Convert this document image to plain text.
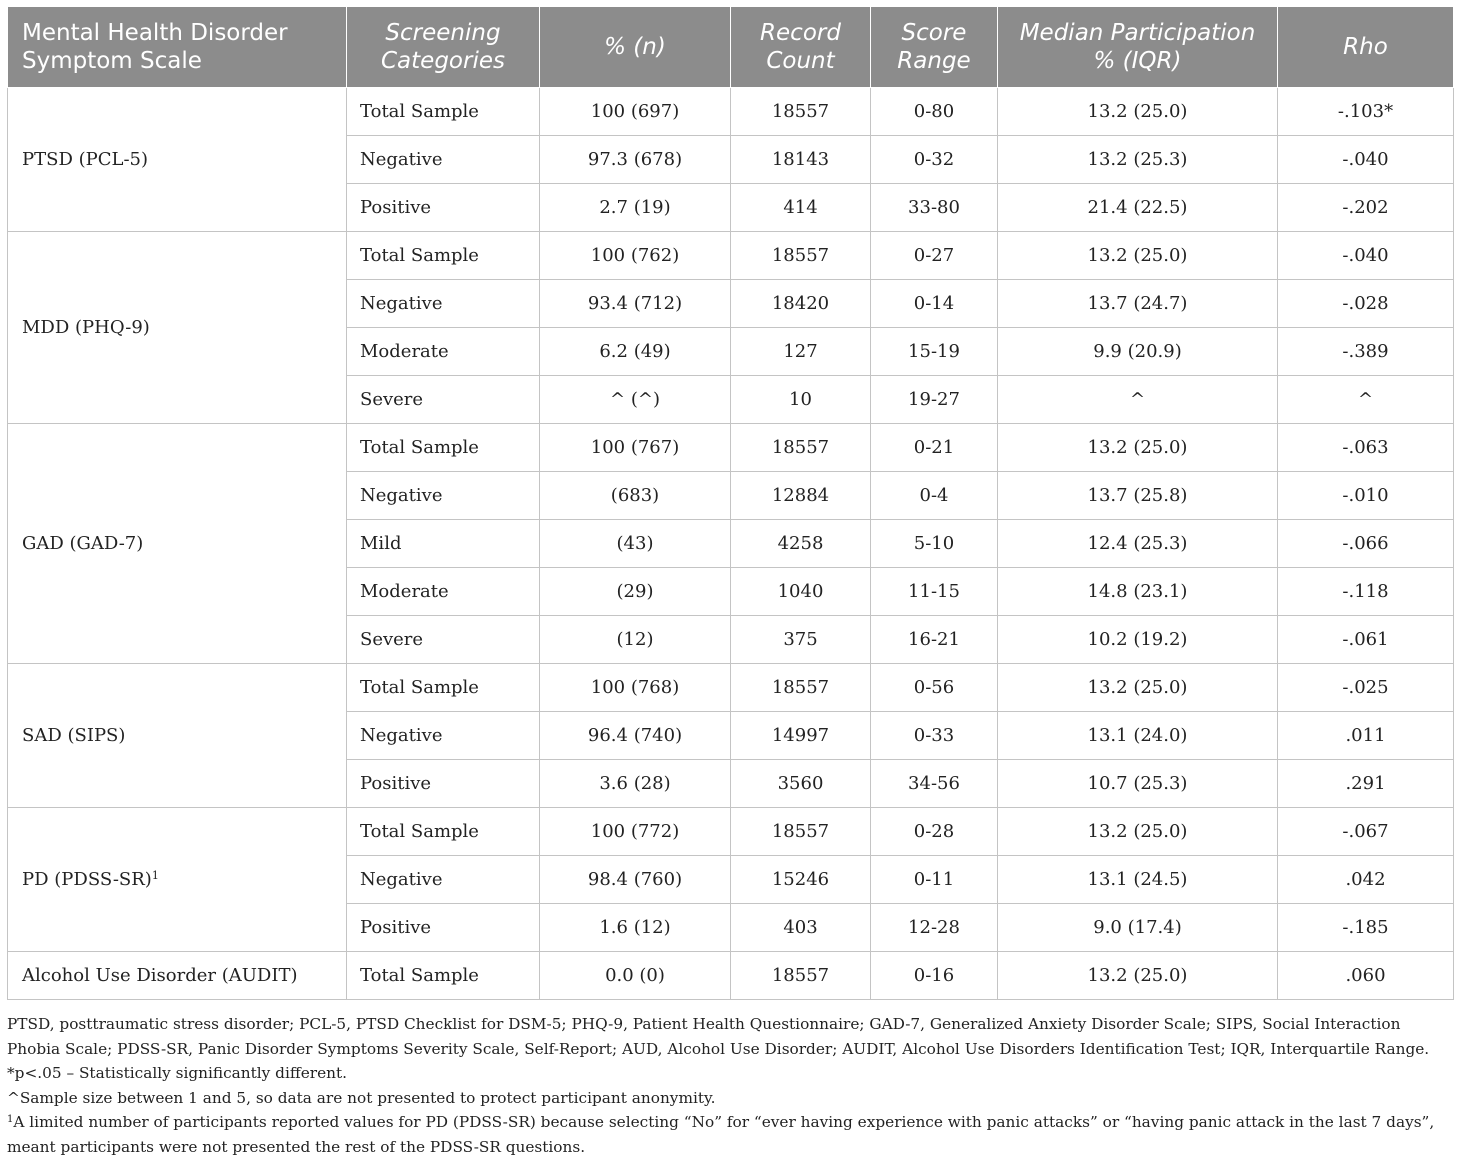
Mental Health Disorder Symptom Scale	Screening Categories	% (n)	Record Count	Score Range	Median Participation % (IQR)	Rho
PTSD (PCL-5)	Total Sample	100 (697)	18557	0-80	13.2 (25.0)	-.103*
	Negative	97.3 (678)	18143	0-32	13.2 (25.3)	-.040
	Positive	2.7 (19)	414	33-80	21.4 (22.5)	-.202
MDD (PHQ-9)	Total Sample	100 (762)	18557	0-27	13.2 (25.0)	-.040
	Negative	93.4 (712)	18420	0-14	13.7 (24.7)	-.028
	Moderate	6.2 (49)	127	15-19	9.9 (20.9)	-.389
	Severe	^ (^)	10	19-27	^	^
GAD (GAD-7)	Total Sample	100 (767)	18557	0-21	13.2 (25.0)	-.063
	Negative	(683)	12884	0-4	13.7 (25.8)	-.010
	Mild	(43)	4258	5-10	12.4 (25.3)	-.066
	Moderate	(29)	1040	11-15	14.8 (23.1)	-.118
	Severe	(12)	375	16-21	10.2 (19.2)	-.061
SAD (SIPS)	Total Sample	100 (768)	18557	0-56	13.2 (25.0)	-.025
	Negative	96.4 (740)	14997	0-33	13.1 (24.0)	.011
	Positive	3.6 (28)	3560	34-56	10.7 (25.3)	.291
PD (PDSS-SR)$^1$	Total Sample	100 (772)	18557	0-28	13.2 (25.0)	-.067
	Negative	98.4 (760)	15246	0-11	13.1 (24.5)	.042
	Positive	1.6 (12)	403	12-28	9.0 (17.4)	-.185
Alcohol Use Disorder (AUDIT)	Total Sample	0.0 (0)	18557	0-16	13.2 (25.0)	.060

PTSD, posttraumatic stress disorder; PCL-5, PTSD Checklist for DSM-5; PHQ-9, Patient Health Questionnaire; GAD-7, Generalized Anxiety Disorder Scale; SIPS, Social Interaction Phobia Scale; PDSS-SR, Panic Disorder Symptoms Severity Scale, Self-Report; AUD, Alcohol Use Disorder; AUDIT, Alcohol Use Disorders Identification Test; IQR, Interquartile Range.

*p<.05 – Statistically significantly different.

^Sample size between 1 and 5, so data are not presented to protect participant anonymity.

$^1$A limited number of participants reported values for PD (PDSS-SR) because selecting “No” for “ever having experience with panic attacks” or “having panic attack in the last 7 days”, meant participants were not presented the rest of the PDSS-SR questions.
